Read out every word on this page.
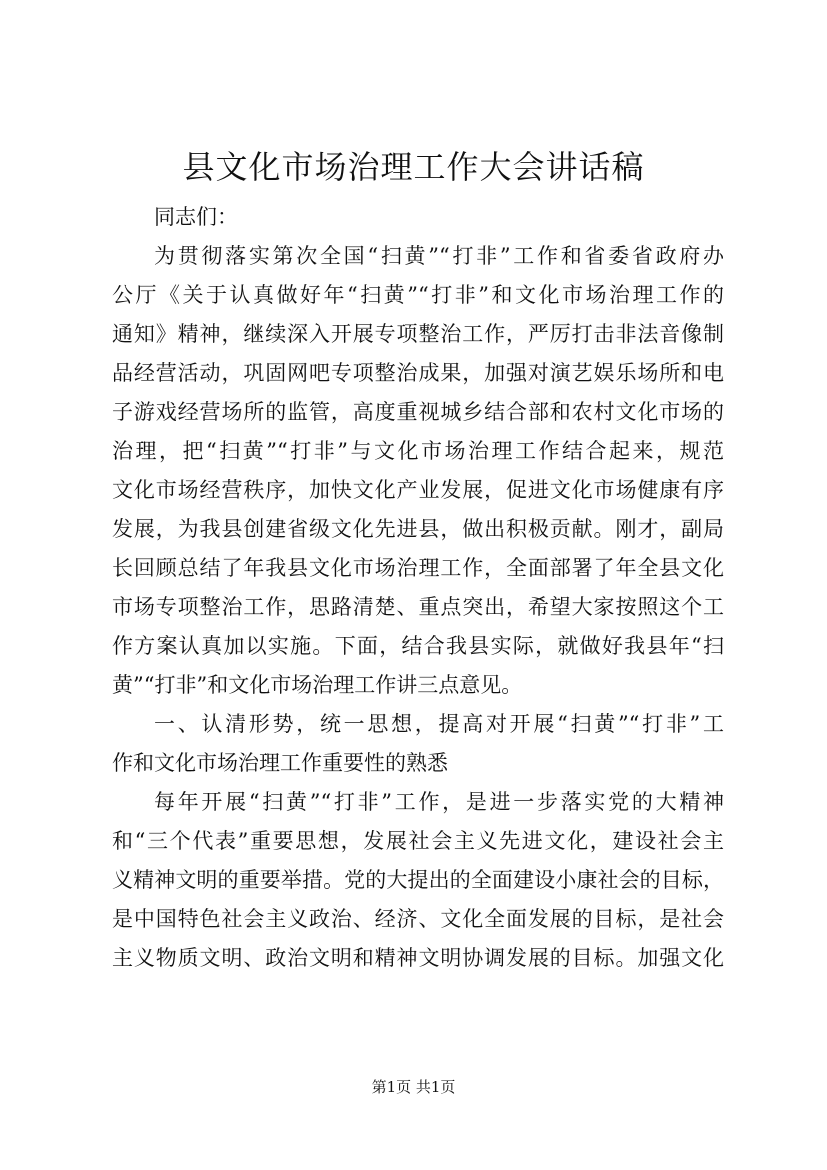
县文化市场治理工作大会讲话稿
同志们：
为贯彻落实第次全国“扫黄”“打非”工作和省委省政府办
公厅《关于认真做好年“扫黄”“打非”和文化市场治理工作的
通知》精神，继续深入开展专项整治工作，严厉打击非法音像制
品经营活动，巩固网吧专项整治成果，加强对演艺娱乐场所和电
子游戏经营场所的监管，高度重视城乡结合部和农村文化市场的
治理，把“扫黄”“打非”与文化市场治理工作结合起来，规范
文化市场经营秩序，加快文化产业发展，促进文化市场健康有序
发展，为我县创建省级文化先进县，做出积极贡献。刚才，副局
长回顾总结了年我县文化市场治理工作，全面部署了年全县文化
市场专项整治工作，思路清楚、重点突出，希望大家按照这个工
作方案认真加以实施。下面，结合我县实际，就做好我县年“扫
黄”“打非”和文化市场治理工作讲三点意见。
一、认清形势，统一思想，提高对开展“扫黄”“打非”工
作和文化市场治理工作重要性的熟悉
每年开展“扫黄”“打非”工作，是进一步落实党的大精神
和“三个代表”重要思想，发展社会主义先进文化，建设社会主
义精神文明的重要举措。党的大提出的全面建设小康社会的目标，
是中国特色社会主义政治、经济、文化全面发展的目标，是社会
主义物质文明、政治文明和精神文明协调发展的目标。加强文化
第1页 共1页
